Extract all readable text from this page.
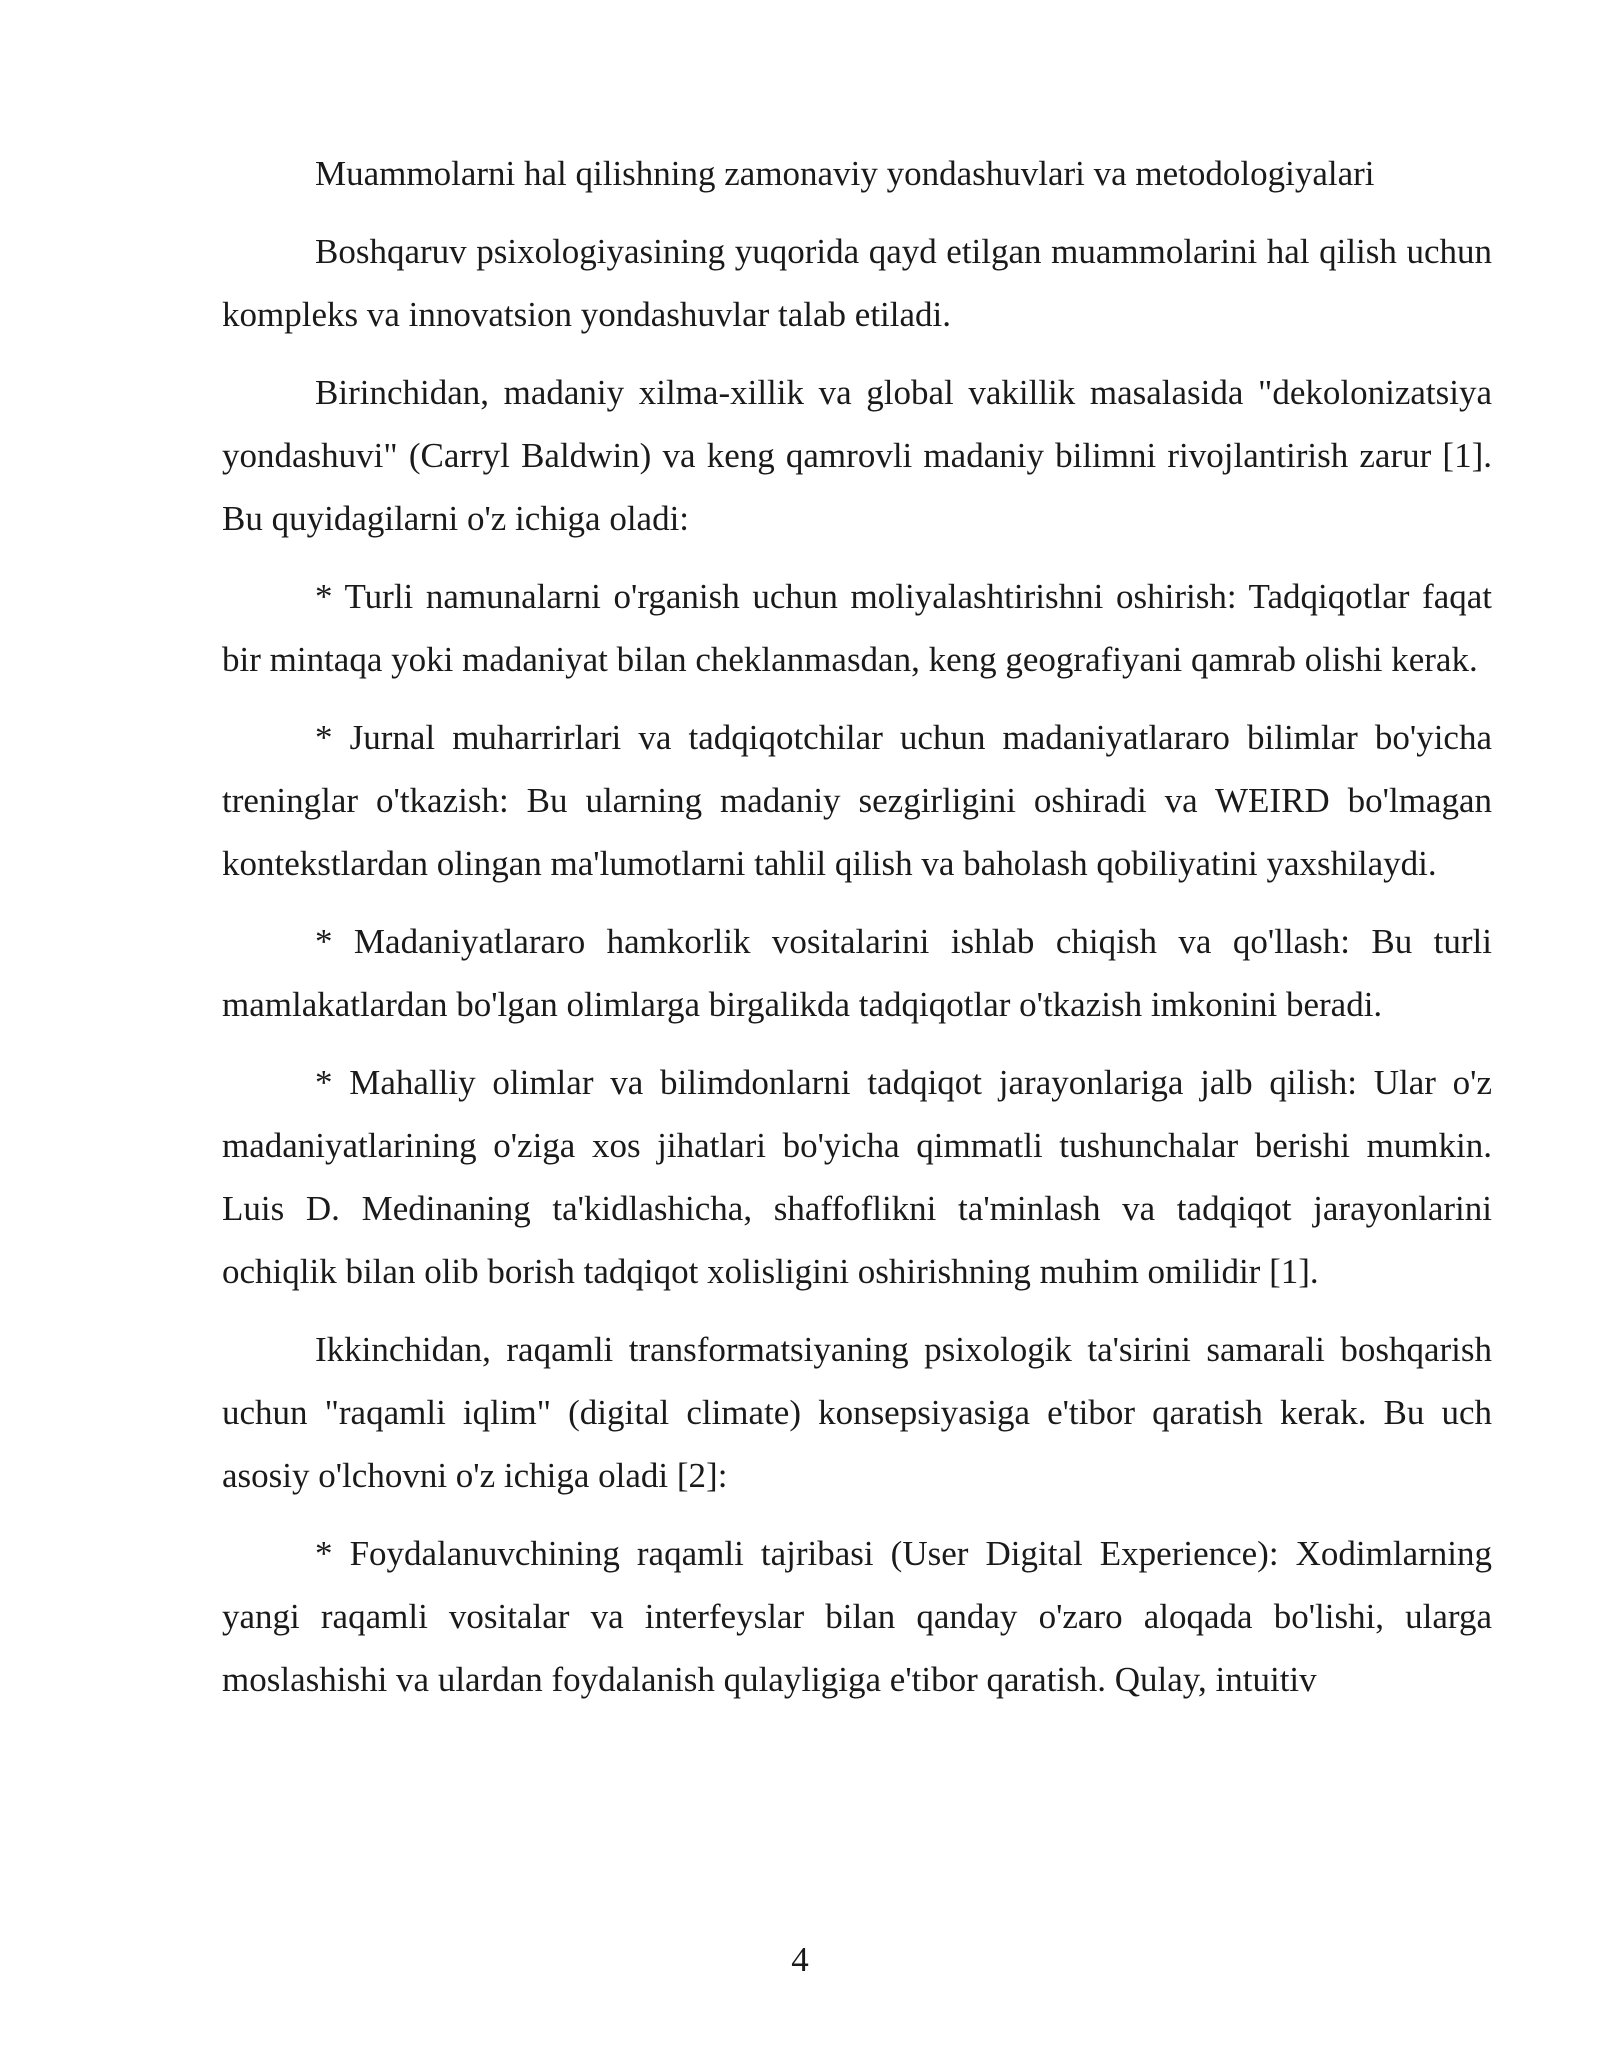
Muammolarni hal qilishning zamonaviy yondashuvlari va metodologiyalari

Boshqaruv psixologiyasining yuqorida qayd etilgan muammolarini hal qilish uchun kompleks va innovatsion yondashuvlar talab etiladi.

Birinchidan, madaniy xilma-xillik va global vakillik masalasida "dekolonizatsiya yondashuvi" (Carryl Baldwin) va keng qamrovli madaniy bilimni rivojlantirish zarur [1]. Bu quyidagilarni o'z ichiga oladi:

* Turli namunalarni o'rganish uchun moliyalashtirishni oshirish: Tadqiqotlar faqat bir mintaqa yoki madaniyat bilan cheklanmasdan, keng geografiyani qamrab olishi kerak.

* Jurnal muharrirlari va tadqiqotchilar uchun madaniyatlararo bilimlar bo'yicha treninglar o'tkazish: Bu ularning madaniy sezgirligini oshiradi va WEIRD bo'lmagan kontekstlardan olingan ma'lumotlarni tahlil qilish va baholash qobiliyatini yaxshilaydi.

* Madaniyatlararo hamkorlik vositalarini ishlab chiqish va qo'llash: Bu turli mamlakatlardan bo'lgan olimlarga birgalikda tadqiqotlar o'tkazish imkonini beradi.

* Mahalliy olimlar va bilimdonlarni tadqiqot jarayonlariga jalb qilish: Ular o'z madaniyatlarining o'ziga xos jihatlari bo'yicha qimmatli tushunchalar berishi mumkin. Luis D. Medinaning ta'kidlashicha, shaffoflikni ta'minlash va tadqiqot jarayonlarini ochiqlik bilan olib borish tadqiqot xolisligini oshirishning muhim omilidir [1].

Ikkinchidan, raqamli transformatsiyaning psixologik ta'sirini samarali boshqarish uchun "raqamli iqlim" (digital climate) konsepsiyasiga e'tibor qaratish kerak. Bu uch asosiy o'lchovni o'z ichiga oladi [2]:

* Foydalanuvchining raqamli tajribasi (User Digital Experience): Xodimlarning yangi raqamli vositalar va interfeyslar bilan qanday o'zaro aloqada bo'lishi, ularga moslashishi va ulardan foydalanish qulayligiga e'tibor qaratish. Qulay, intuitiv

4
